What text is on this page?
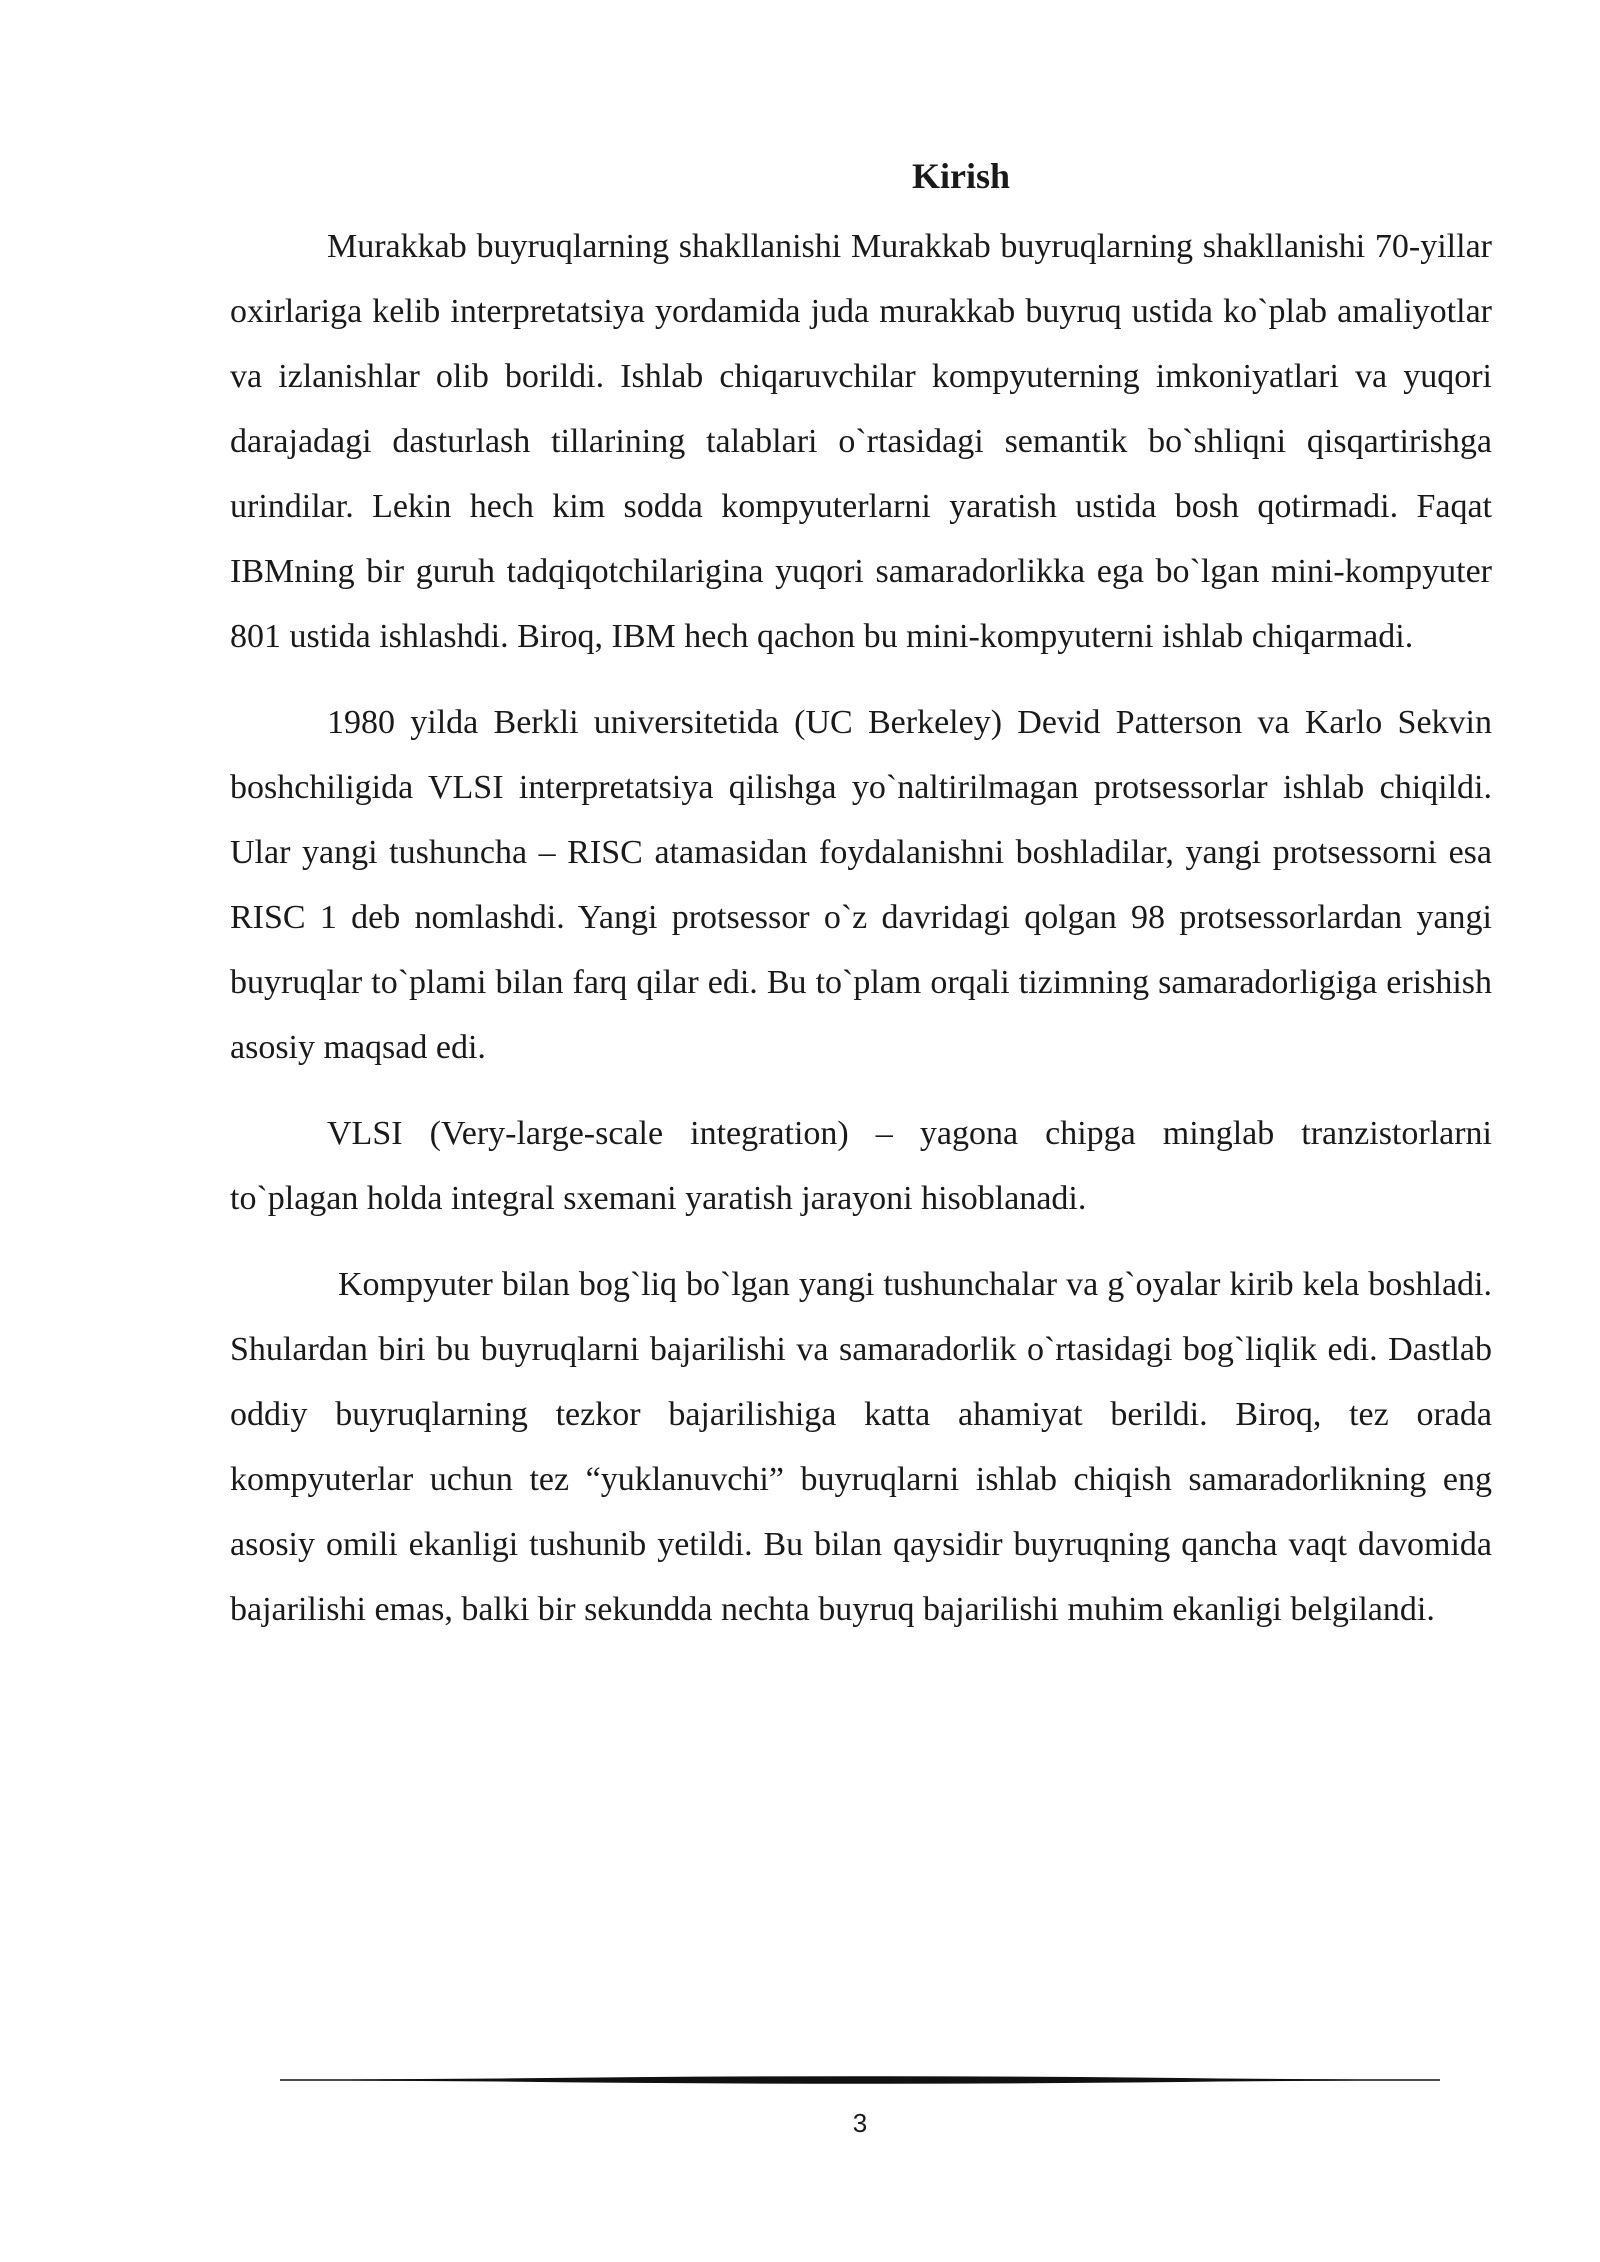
Kirish

Murakkab buyruqlarning shakllanishi Murakkab buyruqlarning shakllanishi 70-yillar oxirlariga kelib interpretatsiya yordamida juda murakkab buyruq ustida ko`plab amaliyotlar va izlanishlar olib borildi. Ishlab chiqaruvchilar kompyuterning imkoniyatlari va yuqori darajadagi dasturlash tillarining talablari o`rtasidagi semantik bo`shliqni qisqartirishga urindilar. Lekin hech kim sodda kompyuterlarni yaratish ustida bosh qotirmadi. Faqat IBMning bir guruh tadqiqotchilariginа yuqori samaradorlikka ega bo`lgan mini-kompyuter 801 ustida ishlashdi. Biroq, IBM hech qachon bu mini-kompyuterni ishlab chiqarmadi.

1980 yilda Berkli universitetida (UC Berkeley) Devid Patterson va Karlo Sekvin boshchiligida VLSI interpretatsiya qilishga yo`naltirilmagan protsessorlar ishlab chiqildi. Ular yangi tushuncha – RISC atamasidan foydalanishni boshladilar, yangi protsessorni esa RISC 1 deb nomlashdi. Yangi protsessor o`z davridagi qolgan 98 protsessorlardan yangi buyruqlar to`plami bilan farq qilar edi. Bu to`plam orqali tizimning samaradorligiga erishish asosiy maqsad edi.

VLSI (Very-large-scale integration) – yagona chipga minglab tranzistorlarni to`plagan holda integral sxemani yaratish jarayoni hisoblanadi.

Kompyuter bilan bog`liq bo`lgan yangi tushunchalar va g`oyalar kirib kela boshladi. Shulardan biri bu buyruqlarni bajarilishi va samaradorlik o`rtasidagi bog`liqlik edi. Dastlab oddiy buyruqlarning tezkor bajarilishiga katta ahamiyat berildi. Biroq, tez orada kompyuterlar uchun tez “yuklanuvchi” buyruqlarni ishlab chiqish samaradorlikning eng asosiy omili ekanligi tushunib yetildi. Bu bilan qaysidir buyruqning qancha vaqt davomida bajarilishi emas, balki bir sekundda nechta buyruq bajarilishi muhim ekanligi belgilandi.

3
